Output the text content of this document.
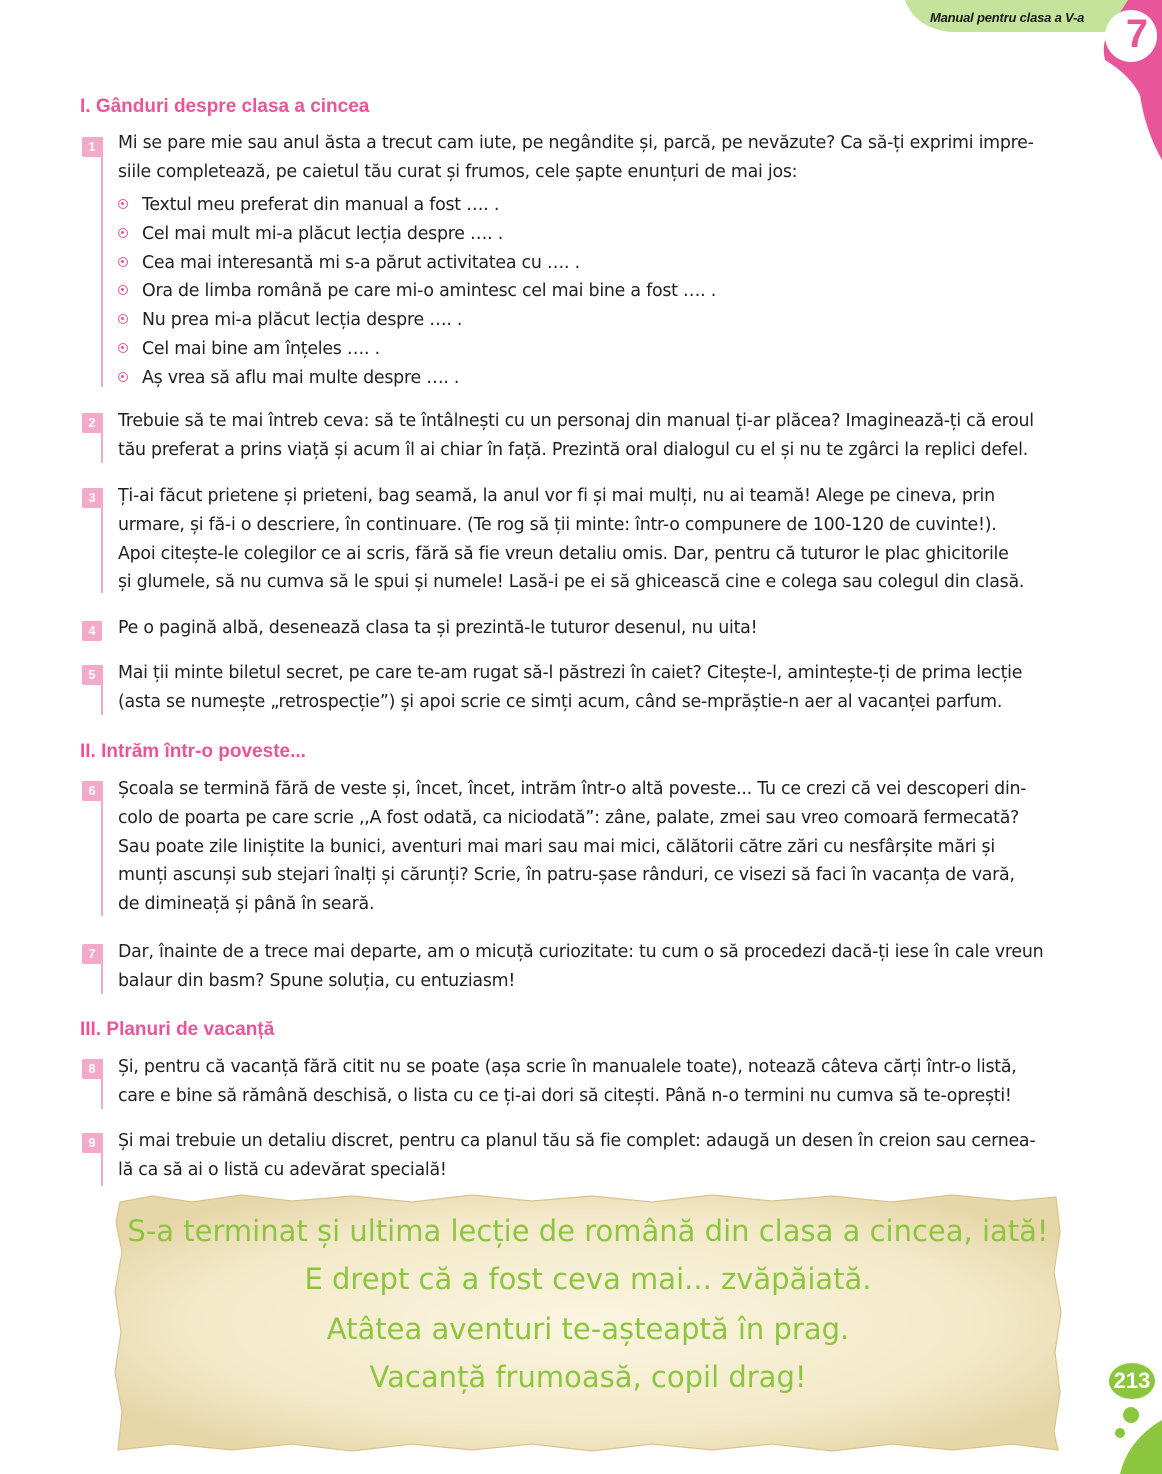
Manual pentru clasa a V-a	7
I. Gânduri despre clasa a cincea
II. Intrăm într-o poveste...
III. Planuri de vacanță
1	Mi se pare mie sau anul ăsta a trecut cam iute, pe negândite și, parcă, pe nevăzute? Ca să-ți exprimi impre-
siile completează, pe caietul tău curat și frumos, cele șapte enunțuri de mai jos:
Textul meu preferat din manual a fost …. .
Cel mai mult mi-a plăcut lecția despre …. .
Cea mai interesantă mi s-a părut activitatea cu …. .
Ora de limba română pe care mi-o amintesc cel mai bine a fost …. .
Nu prea mi-a plăcut lecția despre …. .
Cel mai bine am înțeles …. .
Aș vrea să aflu mai multe despre …. .
2	Trebuie să te mai întreb ceva: să te întâlnești cu un personaj din manual ți-ar plăcea? Imaginează-ți că eroul
tău preferat a prins viață și acum îl ai chiar în față. Prezintă oral dialogul cu el și nu te zgârci la replici defel.
3	Ți-ai făcut prietene și prieteni, bag seamă, la anul vor fi și mai mulți, nu ai teamă! Alege pe cineva, prin
urmare, și fă-i o descriere, în continuare. (Te rog să ții minte: într-o compunere de 100-120 de cuvinte!).
Apoi citește-le colegilor ce ai scris, fără să fie vreun detaliu omis. Dar, pentru că tuturor le plac ghicitorile
și glumele, să nu cumva să le spui și numele! Lasă-i pe ei să ghicească cine e colega sau colegul din clasă.
4	Pe o pagină albă, desenează clasa ta și prezintă-le tuturor desenul, nu uita!
5	Mai ții minte biletul secret, pe care te-am rugat să-l păstrezi în caiet? Citește-l, amintește-ți de prima lecție
(asta se numește „retrospecție”) și apoi scrie ce simți acum, când se-mprăștie-n aer al vacanței parfum.
6	Școala se termină fără de veste și, încet, încet, intrăm într-o altă poveste... Tu ce crezi că vei descoperi din-
colo de poarta pe care scrie ,,A fost odată, ca niciodată”: zâne, palate, zmei sau vreo comoară fermecată?
Sau poate zile liniștite la bunici, aventuri mai mari sau mai mici, călătorii către zări cu nesfârșite mări și
munți ascunși sub stejari înalți și cărunți? Scrie, în patru-șase rânduri, ce visezi să faci în vacanța de vară,
de dimineață și până în seară.
7	Dar, înainte de a trece mai departe, am o micuță curiozitate: tu cum o să procedezi dacă-ți iese în cale vreun
balaur din basm? Spune soluția, cu entuziasm!
8	Și, pentru că vacanță fără citit nu se poate (așa scrie în manualele toate), notează câteva cărți într-o listă,
care e bine să rămână deschisă, o lista cu ce ți-ai dori să citești. Până n-o termini nu cumva să te-oprești!
9	Și mai trebuie un detaliu discret, pentru ca planul tău să fie complet: adaugă un desen în creion sau cernea-
lă ca să ai o listă cu adevărat specială!
S-a terminat și ultima lecție de română din clasa a cincea, iată!
E drept că a fost ceva mai... zvăpăiată.
Atâtea aventuri te-așteaptă în prag.
Vacanță frumoasă, copil drag!	213
